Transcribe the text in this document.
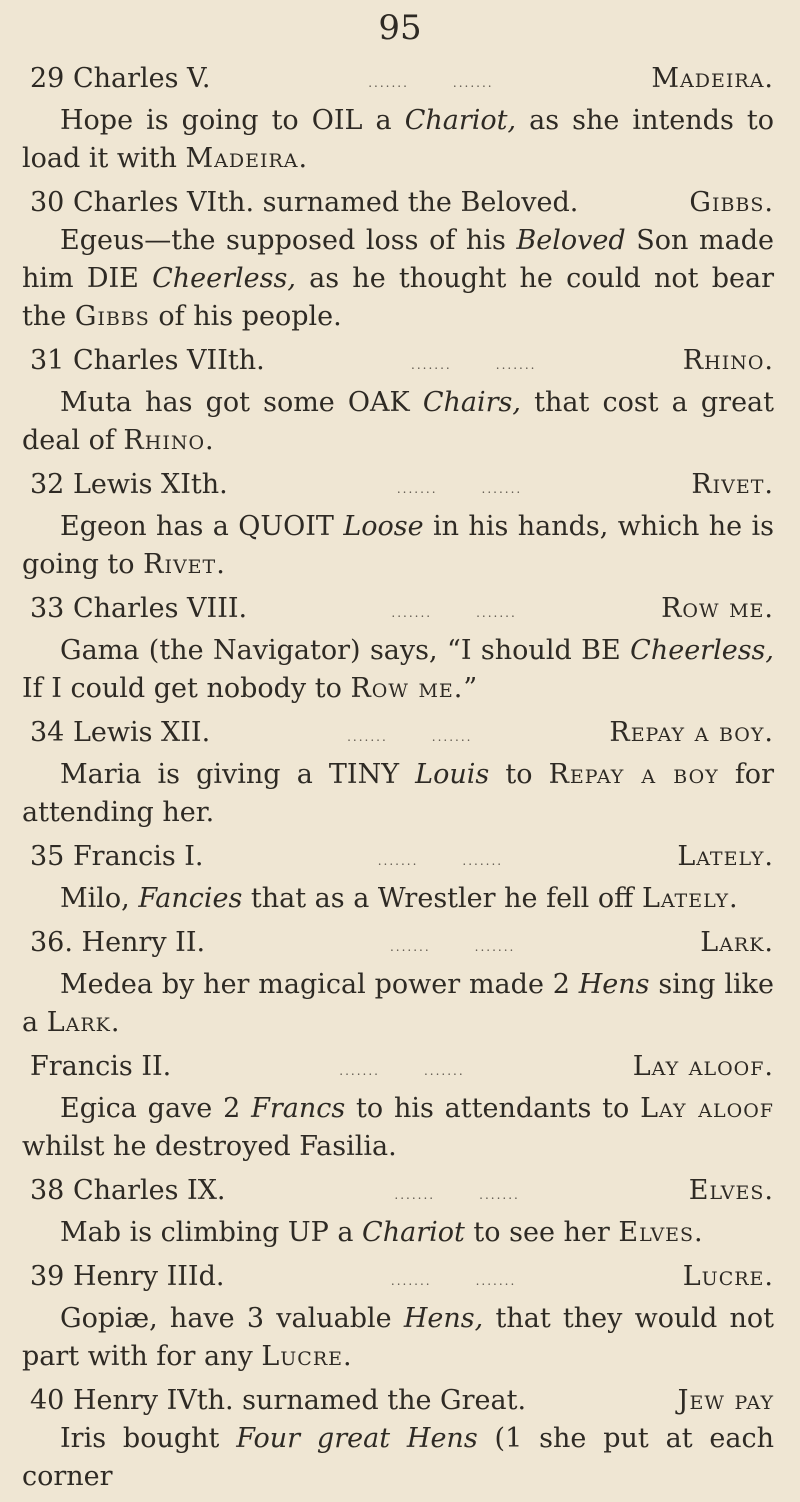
95
29 Charles V.	.......	.......	Madeira.
Hope is going to OIL a Chariot, as she intends to load it with Madeira.
30 Charles VIth. surnamed the Beloved.	Gibbs.
Egeus—the supposed loss of his Beloved Son made him DIE Cheerless, as he thought he could not bear the Gibbs of his people.
31 Charles VIIth.	.......	.......	Rhino.
Muta has got some OAK Chairs, that cost a great deal of Rhino.
32 Lewis XIth.	.......	.......	Rivet.
Egeon has a QUOIT Loose in his hands, which he is going to Rivet.
33 Charles VIII.	.......	.......	Row me.
Gama (the Navigator) says, “I should BE Cheerless, If I could get nobody to Row me.”
34 Lewis XII.	.......	.......	Repay a boy.
Maria is giving a TINY Louis to Repay a boy for attending her.
35 Francis I.	.......	.......	Lately.
Milo, Fancies that as a Wrestler he fell off Lately.
36. Henry II.	.......	.......	Lark.
Medea by her magical power made 2 Hens sing like a Lark.
Francis II.	.......	.......	Lay aloof.
Egica gave 2 Francs to his attendants to Lay aloof whilst he destroyed Fasilia.
38 Charles IX.	.......	.......	Elves.
Mab is climbing UP a Chariot to see her Elves.
39 Henry IIId.	.......	.......	Lucre.
Gopiæ, have 3 valuable Hens, that they would not part with for any Lucre.
40 Henry IVth. surnamed the Great.	Jew pay
Iris bought Four great Hens (1 she put at each corner
